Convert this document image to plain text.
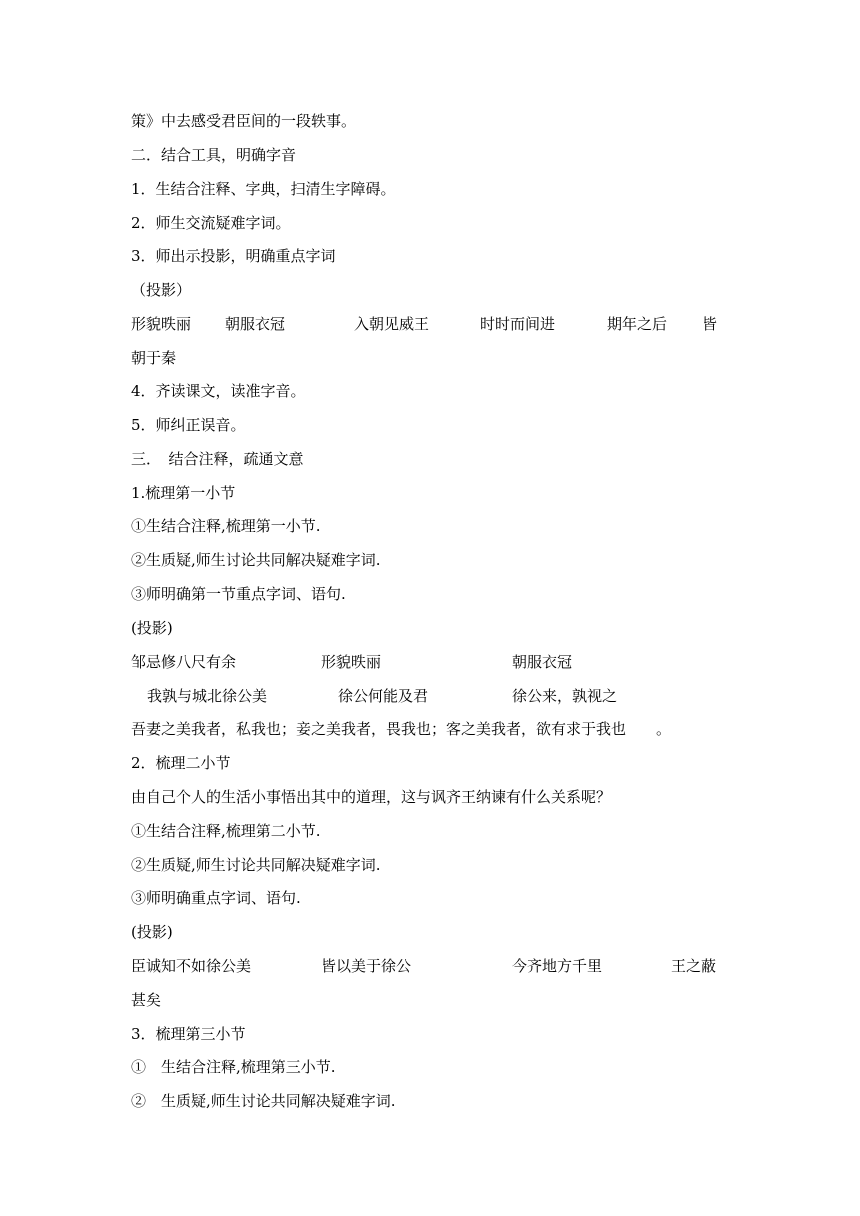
策》中去感受君臣间的一段轶事。
二．结合工具，明确字音
1．生结合注释、字典，扫清生字障碍。
2．师生交流疑难字词。
3．师出示投影，明确重点字词
（投影）
形貌昳丽 朝服衣冠	入朝见威王	时时而间进	期年之后 皆
朝于秦
4．齐读课文，读准字音。
5．师纠正误音。
三．　结合注释，疏通文意
1.梳理第一小节
①生结合注释,梳理第一小节.
②生质疑,师生讨论共同解决疑难字词.
③师明确第一节重点字词、语句.
(投影)
邹忌修八尺有余	形貌昳丽	朝服衣冠
我孰与城北徐公美	徐公何能及君	徐公来，孰视之
吾妻之美我者，私我也；妾之美我者，畏我也；客之美我者，欲有求于我也　　。
2．梳理二小节
由自己个人的生活小事悟出其中的道理，这与讽齐王纳谏有什么关系呢？
①生结合注释,梳理第二小节.
②生质疑,师生讨论共同解决疑难字词.
③师明确重点字词、语句.
(投影)
臣诚知不如徐公美	皆以美于徐公	今齐地方千里	王之蔽
甚矣
3．梳理第三小节
①　生结合注释,梳理第三小节.
②　生质疑,师生讨论共同解决疑难字词.
